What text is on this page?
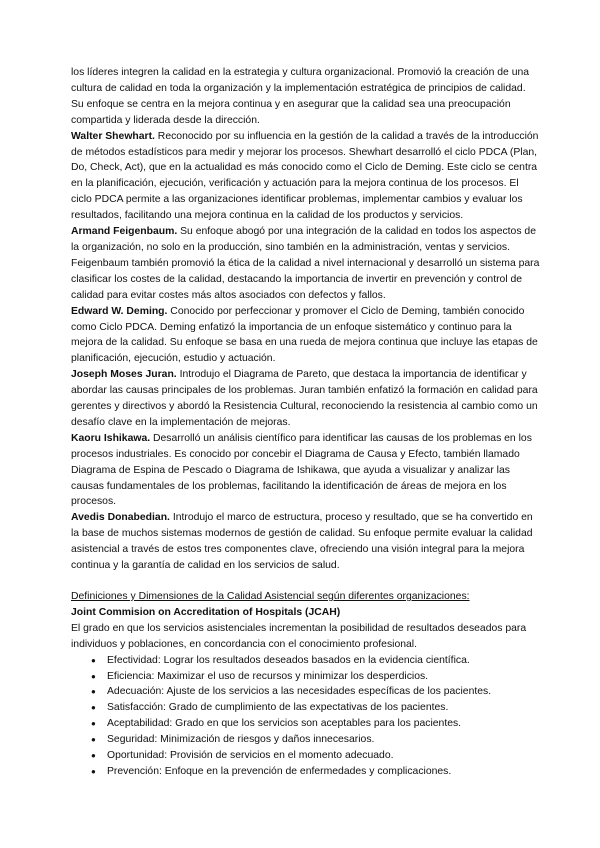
los líderes integren la calidad en la estrategia y cultura organizacional. Promovió la creación de una cultura de calidad en toda la organización y la implementación estratégica de principios de calidad. Su enfoque se centra en la mejora continua y en asegurar que la calidad sea una preocupación compartida y liderada desde la dirección.

Walter Shewhart. Reconocido por su influencia en la gestión de la calidad a través de la introducción de métodos estadísticos para medir y mejorar los procesos. Shewhart desarrolló el ciclo PDCA (Plan, Do, Check, Act), que en la actualidad es más conocido como el Ciclo de Deming. Este ciclo se centra en la planificación, ejecución, verificación y actuación para la mejora continua de los procesos. El ciclo PDCA permite a las organizaciones identificar problemas, implementar cambios y evaluar los resultados, facilitando una mejora continua en la calidad de los productos y servicios.

Armand Feigenbaum. Su enfoque abogó por una integración de la calidad en todos los aspectos de la organización, no solo en la producción, sino también en la administración, ventas y servicios. Feigenbaum también promovió la ética de la calidad a nivel internacional y desarrolló un sistema para clasificar los costes de la calidad, destacando la importancia de invertir en prevención y control de calidad para evitar costes más altos asociados con defectos y fallos.

Edward W. Deming. Conocido por perfeccionar y promover el Ciclo de Deming, también conocido como Ciclo PDCA. Deming enfatizó la importancia de un enfoque sistemático y continuo para la mejora de la calidad. Su enfoque se basa en una rueda de mejora continua que incluye las etapas de planificación, ejecución, estudio y actuación.

Joseph Moses Juran. Introdujo el Diagrama de Pareto, que destaca la importancia de identificar y abordar las causas principales de los problemas. Juran también enfatizó la formación en calidad para gerentes y directivos y abordó la Resistencia Cultural, reconociendo la resistencia al cambio como un desafío clave en la implementación de mejoras.

Kaoru Ishikawa. Desarrolló un análisis científico para identificar las causas de los problemas en los procesos industriales. Es conocido por concebir el Diagrama de Causa y Efecto, también llamado Diagrama de Espina de Pescado o Diagrama de Ishikawa, que ayuda a visualizar y analizar las causas fundamentales de los problemas, facilitando la identificación de áreas de mejora en los procesos.

Avedis Donabedian. Introdujo el marco de estructura, proceso y resultado, que se ha convertido en la base de muchos sistemas modernos de gestión de calidad. Su enfoque permite evaluar la calidad asistencial a través de estos tres componentes clave, ofreciendo una visión integral para la mejora continua y la garantía de calidad en los servicios de salud.

Definiciones y Dimensiones de la Calidad Asistencial según diferentes organizaciones:

Joint Commision on Accreditation of Hospitals (JCAH)

El grado en que los servicios asistenciales incrementan la posibilidad de resultados deseados para individuos y poblaciones, en concordancia con el conocimiento profesional.

● Efectividad: Lograr los resultados deseados basados en la evidencia científica.
● Eficiencia: Maximizar el uso de recursos y minimizar los desperdicios.
● Adecuación: Ajuste de los servicios a las necesidades específicas de los pacientes.
● Satisfacción: Grado de cumplimiento de las expectativas de los pacientes.
● Aceptabilidad: Grado en que los servicios son aceptables para los pacientes.
● Seguridad: Minimización de riesgos y daños innecesarios.
● Oportunidad: Provisión de servicios en el momento adecuado.
● Prevención: Enfoque en la prevención de enfermedades y complicaciones.
